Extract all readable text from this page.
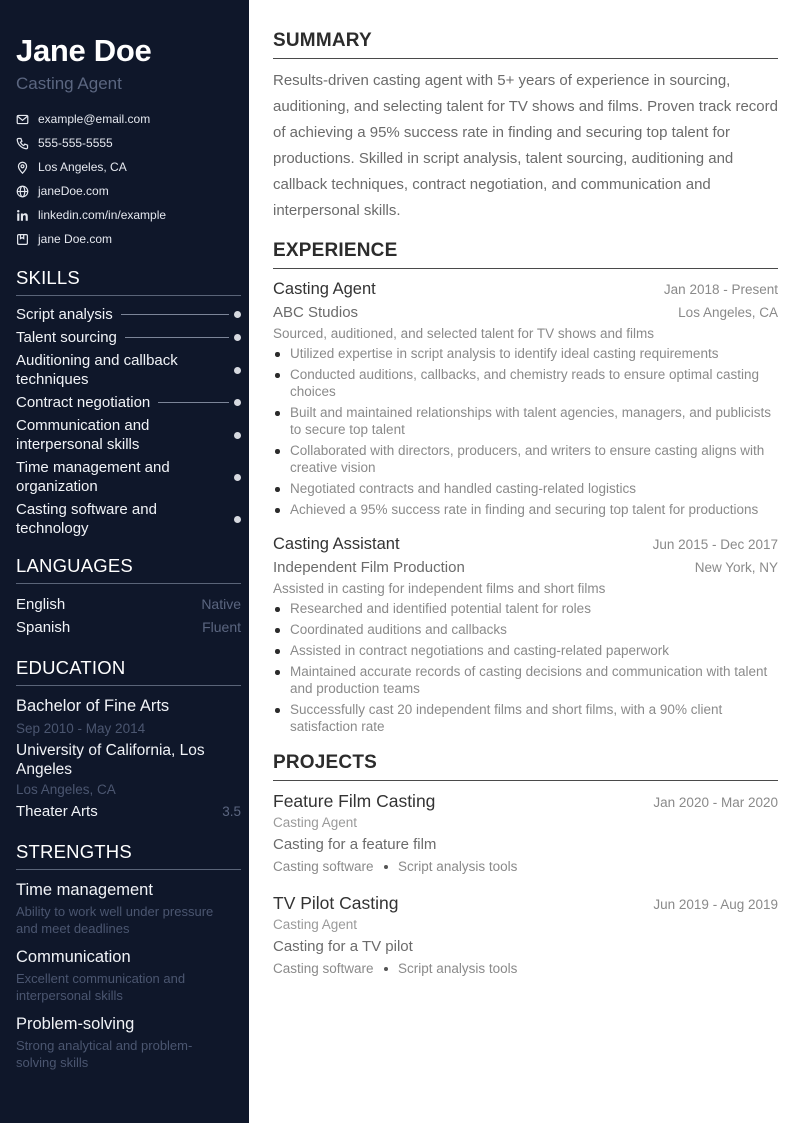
Jane Doe
Casting Agent
example@email.com
555-555-5555
Los Angeles, CA
janeDoe.com
linkedin.com/in/example
jane Doe.com
SKILLS
Script analysis
Talent sourcing
Auditioning and callback techniques
Contract negotiation
Communication and interpersonal skills
Time management and organization
Casting software and technology
LANGUAGES
English	Native
Spanish	Fluent
EDUCATION
Bachelor of Fine Arts
Sep 2010 - May 2014
University of California, Los Angeles
Los Angeles, CA
Theater Arts	3.5
STRENGTHS
Time management
Ability to work well under pressure and meet deadlines
Communication
Excellent communication and interpersonal skills
Problem-solving
Strong analytical and problem-solving skills
SUMMARY

Results-driven casting agent with 5+ years of experience in sourcing, auditioning, and selecting talent for TV shows and films. Proven track record of achieving a 95% success rate in finding and securing top talent for productions. Skilled in script analysis, talent sourcing, auditioning and callback techniques, contract negotiation, and communication and interpersonal skills.

EXPERIENCE
Casting Agent	Jan 2018 - Present
ABC Studios	Los Angeles, CA
Sourced, auditioned, and selected talent for TV shows and films
Utilized expertise in script analysis to identify ideal casting requirements
Conducted auditions, callbacks, and chemistry reads to ensure optimal casting choices
Built and maintained relationships with talent agencies, managers, and publicists to secure top talent
Collaborated with directors, producers, and writers to ensure casting aligns with creative vision
Negotiated contracts and handled casting-related logistics
Achieved a 95% success rate in finding and securing top talent for productions
Casting Assistant	Jun 2015 - Dec 2017
Independent Film Production	New York, NY
Assisted in casting for independent films and short films
Researched and identified potential talent for roles
Coordinated auditions and callbacks
Assisted in contract negotiations and casting-related paperwork
Maintained accurate records of casting decisions and communication with talent and production teams
Successfully cast 20 independent films and short films, with a 90% client satisfaction rate
PROJECTS
Feature Film Casting	Jan 2020 - Mar 2020
Casting Agent
Casting for a feature film
Casting software Script analysis tools
TV Pilot Casting	Jun 2019 - Aug 2019
Casting Agent
Casting for a TV pilot
Casting software Script analysis tools
